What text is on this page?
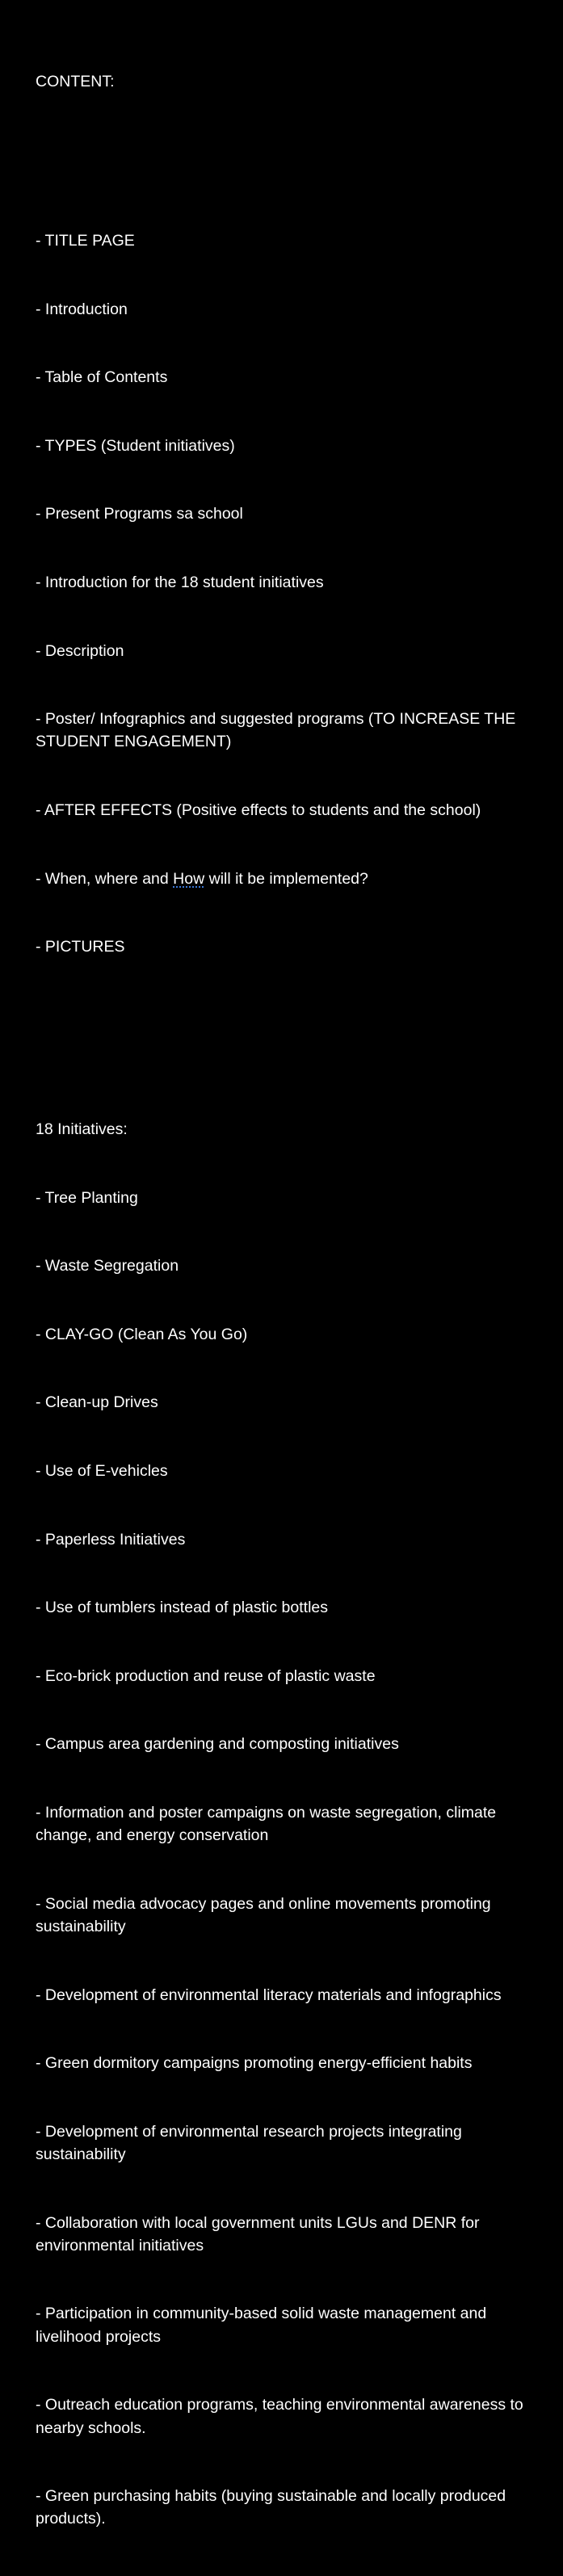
CONTENT:

- TITLE PAGE

- Introduction

- Table of Contents

- TYPES (Student initiatives)

- Present Programs sa school

- Introduction for the 18 student initiatives

- Description

- Poster/ Infographics and suggested programs (TO INCREASE THE STUDENT ENGAGEMENT)

- AFTER EFFECTS (Positive effects to students and the school)

- When, where and How will it be implemented?

- PICTURES

18 Initiatives:

- Tree Planting

- Waste Segregation

- CLAY-GO (Clean As You Go)

- Clean-up Drives

- Use of E-vehicles

- Paperless Initiatives

- Use of tumblers instead of plastic bottles

- Eco-brick production and reuse of plastic waste

- Campus area gardening and composting initiatives

- Information and poster campaigns on waste segregation, climate change, and energy conservation

- Social media advocacy pages and online movements promoting sustainability

- Development of environmental literacy materials and infographics

- Green dormitory campaigns promoting energy-efficient habits

- Development of environmental research projects integrating sustainability

- Collaboration with local government units LGUs and DENR for environmental initiatives

- Participation in community-based solid waste management and livelihood projects

- Outreach education programs, teaching environmental awareness to nearby schools.

- Green purchasing habits (buying sustainable and locally produced products).
